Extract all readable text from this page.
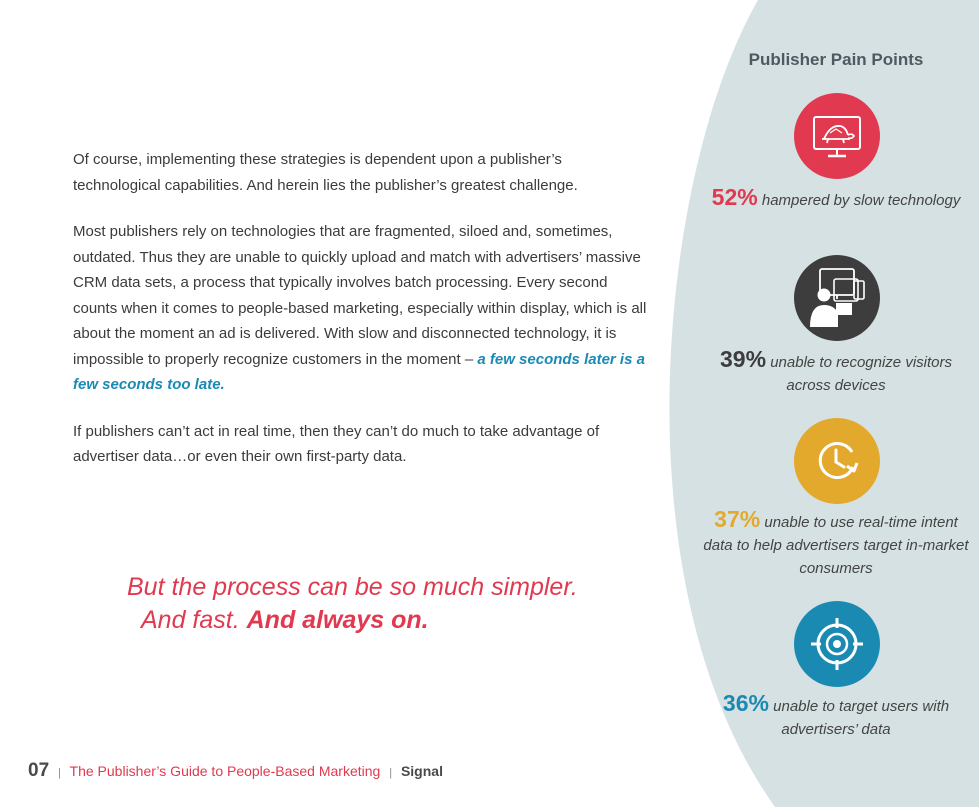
Of course, implementing these strategies is dependent upon a publisher’s technological capabilities. And herein lies the publisher’s greatest challenge.

Most publishers rely on technologies that are fragmented, siloed and, sometimes, outdated. Thus they are unable to quickly upload and match with advertisers’ massive CRM data sets, a process that typically involves batch processing. Every second counts when it comes to people-based marketing, especially within display, which is all about the moment an ad is delivered. With slow and disconnected technology, it is impossible to properly recognize customers in the moment – a few seconds later is a few seconds too late.

If publishers can’t act in real time, then they can’t do much to take advantage of advertiser data…or even their own first-party data.

But the process can be so much simpler.
And fast. And always on.
Publisher Pain Points
52% hampered by slow technology
39% unable to recognize visitors across devices
37% unable to use real-time intent data to help advertisers target in-market consumers
36% unable to target users with advertisers’ data
07 | The Publisher’s Guide to People-Based Marketing | Signal
